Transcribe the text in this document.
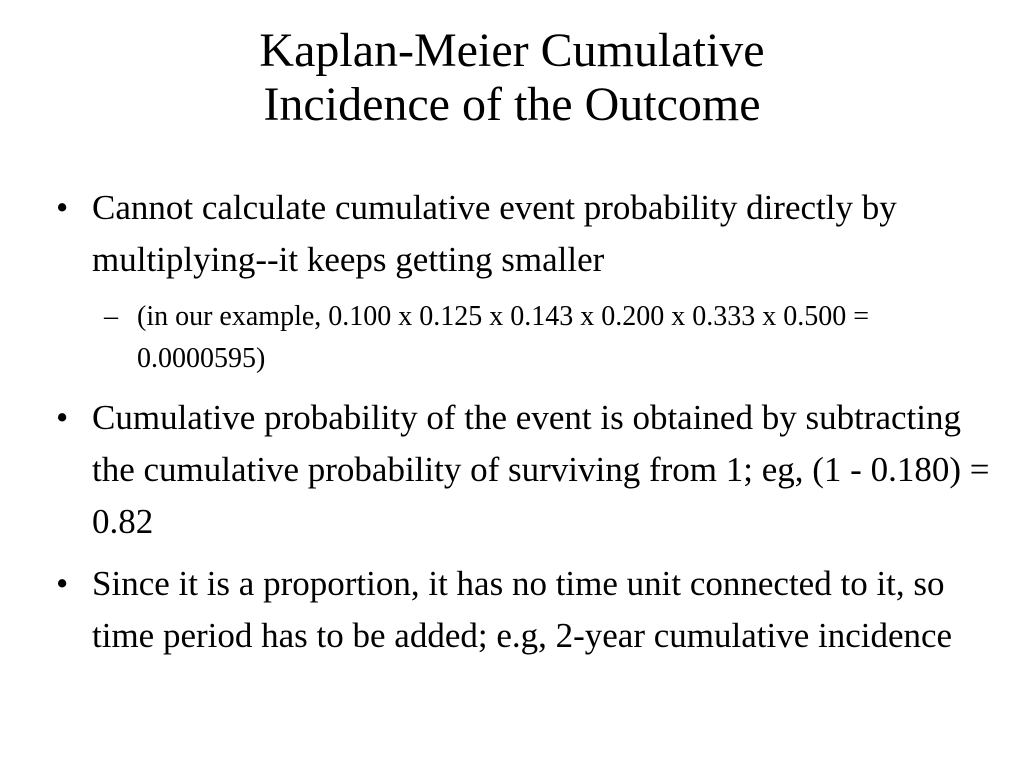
Kaplan-Meier Cumulative
Incidence of the Outcome
• Cannot calculate cumulative event probability directly by multiplying--it keeps getting smaller
– (in our example, 0.100 x 0.125 x 0.143 x 0.200 x 0.333 x 0.500 = 0.0000595)
• Cumulative probability of the event is obtained by subtracting the cumulative probability of surviving from 1; eg, (1 - 0.180) = 0.82
• Since it is a proportion, it has no time unit connected to it, so time period has to be added; e.g, 2-year cumulative incidence
